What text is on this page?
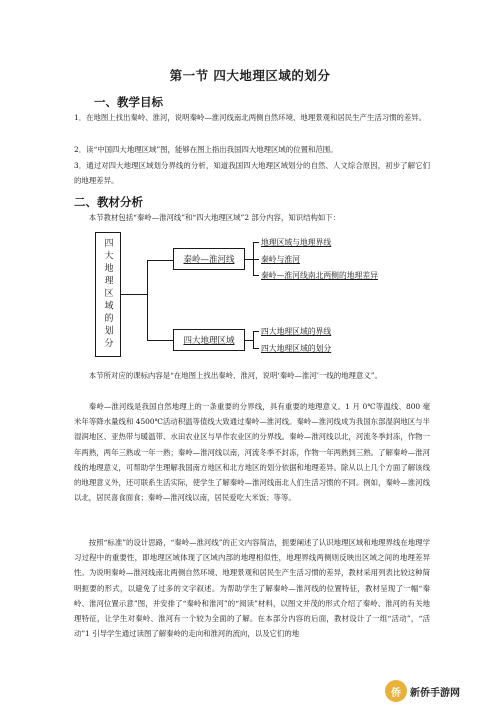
第一节 四大地理区域的划分
一、教学目标

1．在地图上找出秦岭、淮河，说明秦岭—淮河线南北两侧自然环境、地理景观和居民生产生活习惯的差异。

2．读“中国四大地理区域”图，能够在图上指出我国四大地理区域的位置和范围。

3．通过对四大地理区域划分界线的分析，知道我国四大地理区域划分的自然、人文综合原因，初步了解它们的地理差异。

二、教材分析

本节教材包括“秦岭—淮河线”和“四大地理区域”2 部分内容，知识结构如下：

四大地理区域的划分	秦岭—淮河线
四大地理区域
地理区域与地理界线
秦岭与淮河
秦岭—淮河线南北两侧的地理差异
四大地理区域的界线
四大地理区域的划分

本节所对应的课标内容是“在地图上找出秦岭、淮河，说明‘秦岭—淮河’一线的地理意义”。

秦岭—淮河线是我国自然地理上的一条重要的分界线，具有重要的地理意义。1 月 0℃等温线、800 毫米年等降水量线和 4500℃活动积温等值线大致通过秦岭—淮河线。秦岭—淮河线成为我国东部湿润地区与半湿润地区、亚热带与暖温带、水田农业区与旱作农业区的分界线。秦岭—淮河线以北，河流冬季封冻，作物一年两熟，两年三熟或一年一熟；秦岭—淮河线以南，河流冬季不封冻，作物一年两熟到三熟。了解秦岭—淮河线的地理意义，可帮助学生理解我国南方地区和北方地区的划分依据和地理差异。除从以上几个方面了解该线的地理意义外，还可联系生活实际，使学生了解秦岭—淮河线南北人们生活习惯的不同。例如，秦岭—淮河线以北，居民喜食面食；秦岭—淮河线以南，居民爱吃大米饭；等等。

按照“标准”的设计思路，“秦岭—淮河线”的正文内容简洁，扼要阐述了认识地理区域和地理界线在地理学习过程中的重要性，即地理区域体现了区域内部的地理相似性，地理界线两侧则反映出区域之间的地理差异性。为说明秦岭—淮河线南北两侧自然环境、地理景观和居民生产生活习惯的差异，教材采用列表比较这种简明扼要的形式，以避免了过多的文字叙述。为帮助学生了解秦岭—淮河线的位置特征，教材呈现了一幅“秦岭、淮河位置示意”图，并安排了“秦岭和淮河”的“阅读”材料，以图文并茂的形式介绍了秦岭、淮河的有关地理特征，让学生对秦岭、淮河有一个较为全面的了解。在本部分内容的后面，教材设计了一组“活动”，“活动”1 引导学生通过读图了解秦岭的走向和淮河的流向，以及它们的地

侨 新侨手游网
